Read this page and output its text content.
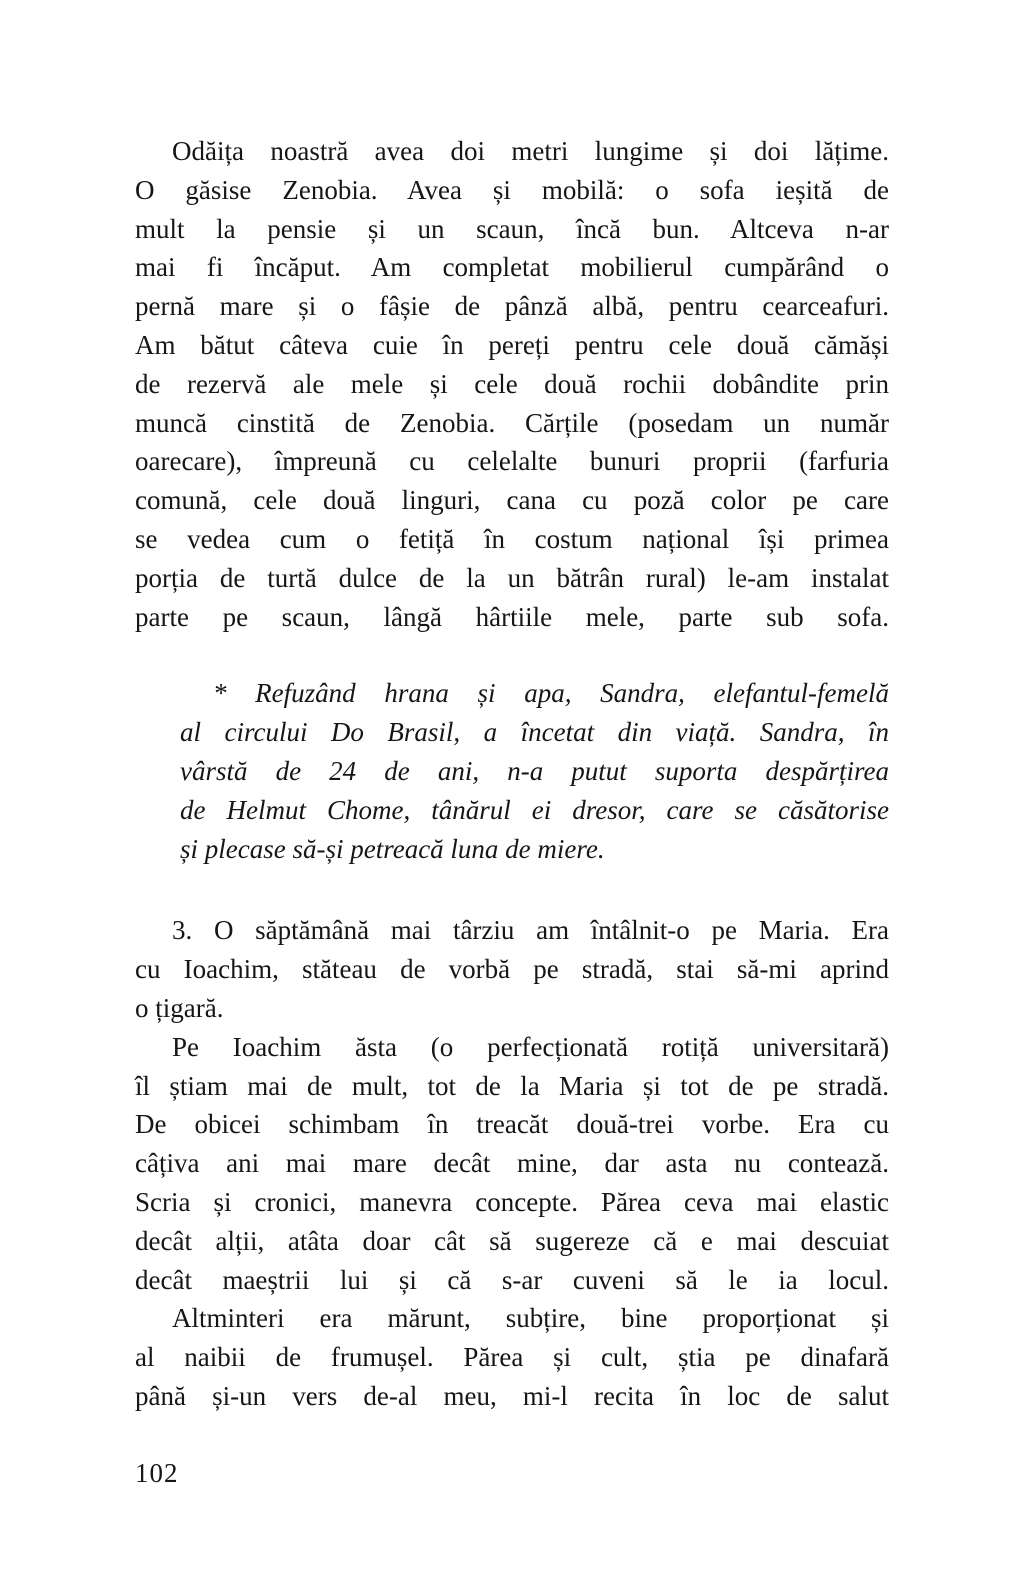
Odăița noastră avea doi metri lungime și doi lățime.
O găsise Zenobia. Avea și mobilă: o sofa ieșită de
mult la pensie și un scaun, încă bun. Altceva n-ar
mai fi încăput. Am completat mobilierul cumpărând o
pernă mare și o fâșie de pânză albă, pentru cearceafuri.
Am bătut câteva cuie în pereți pentru cele două cămăși
de rezervă ale mele și cele două rochii dobândite prin
muncă cinstită de Zenobia. Cărțile (posedam un număr
oarecare), împreună cu celelalte bunuri proprii (farfuria
comună, cele două linguri, cana cu poză color pe care
se vedea cum o fetiță în costum național își primea
porția de turtă dulce de la un bătrân rural) le-am instalat
parte pe scaun, lângă hârtiile mele, parte sub sofa.
* Refuzând hrana și apa, Sandra, elefantul-femelă
al circului Do Brasil, a încetat din viață. Sandra, în
vârstă de 24 de ani, n-a putut suporta despărțirea
de Helmut Chome, tânărul ei dresor, care se căsătorise
și plecase să-și petreacă luna de miere.
3. O săptămână mai târziu am întâlnit-o pe Maria. Era
cu Ioachim, stăteau de vorbă pe stradă, stai să-mi aprind
o țigară.
Pe Ioachim ăsta (o perfecționată rotiță universitară)
îl știam mai de mult, tot de la Maria și tot de pe stradă.
De obicei schimbam în treacăt două-trei vorbe. Era cu
câțiva ani mai mare decât mine, dar asta nu contează.
Scria și cronici, manevra concepte. Părea ceva mai elastic
decât alții, atâta doar cât să sugereze că e mai descuiat
decât maeștrii lui și că s-ar cuveni să le ia locul.
Altminteri era mărunt, subțire, bine proporționat și
al naibii de frumușel. Părea și cult, știa pe dinafară
până și-un vers de-al meu, mi-l recita în loc de salut
102
